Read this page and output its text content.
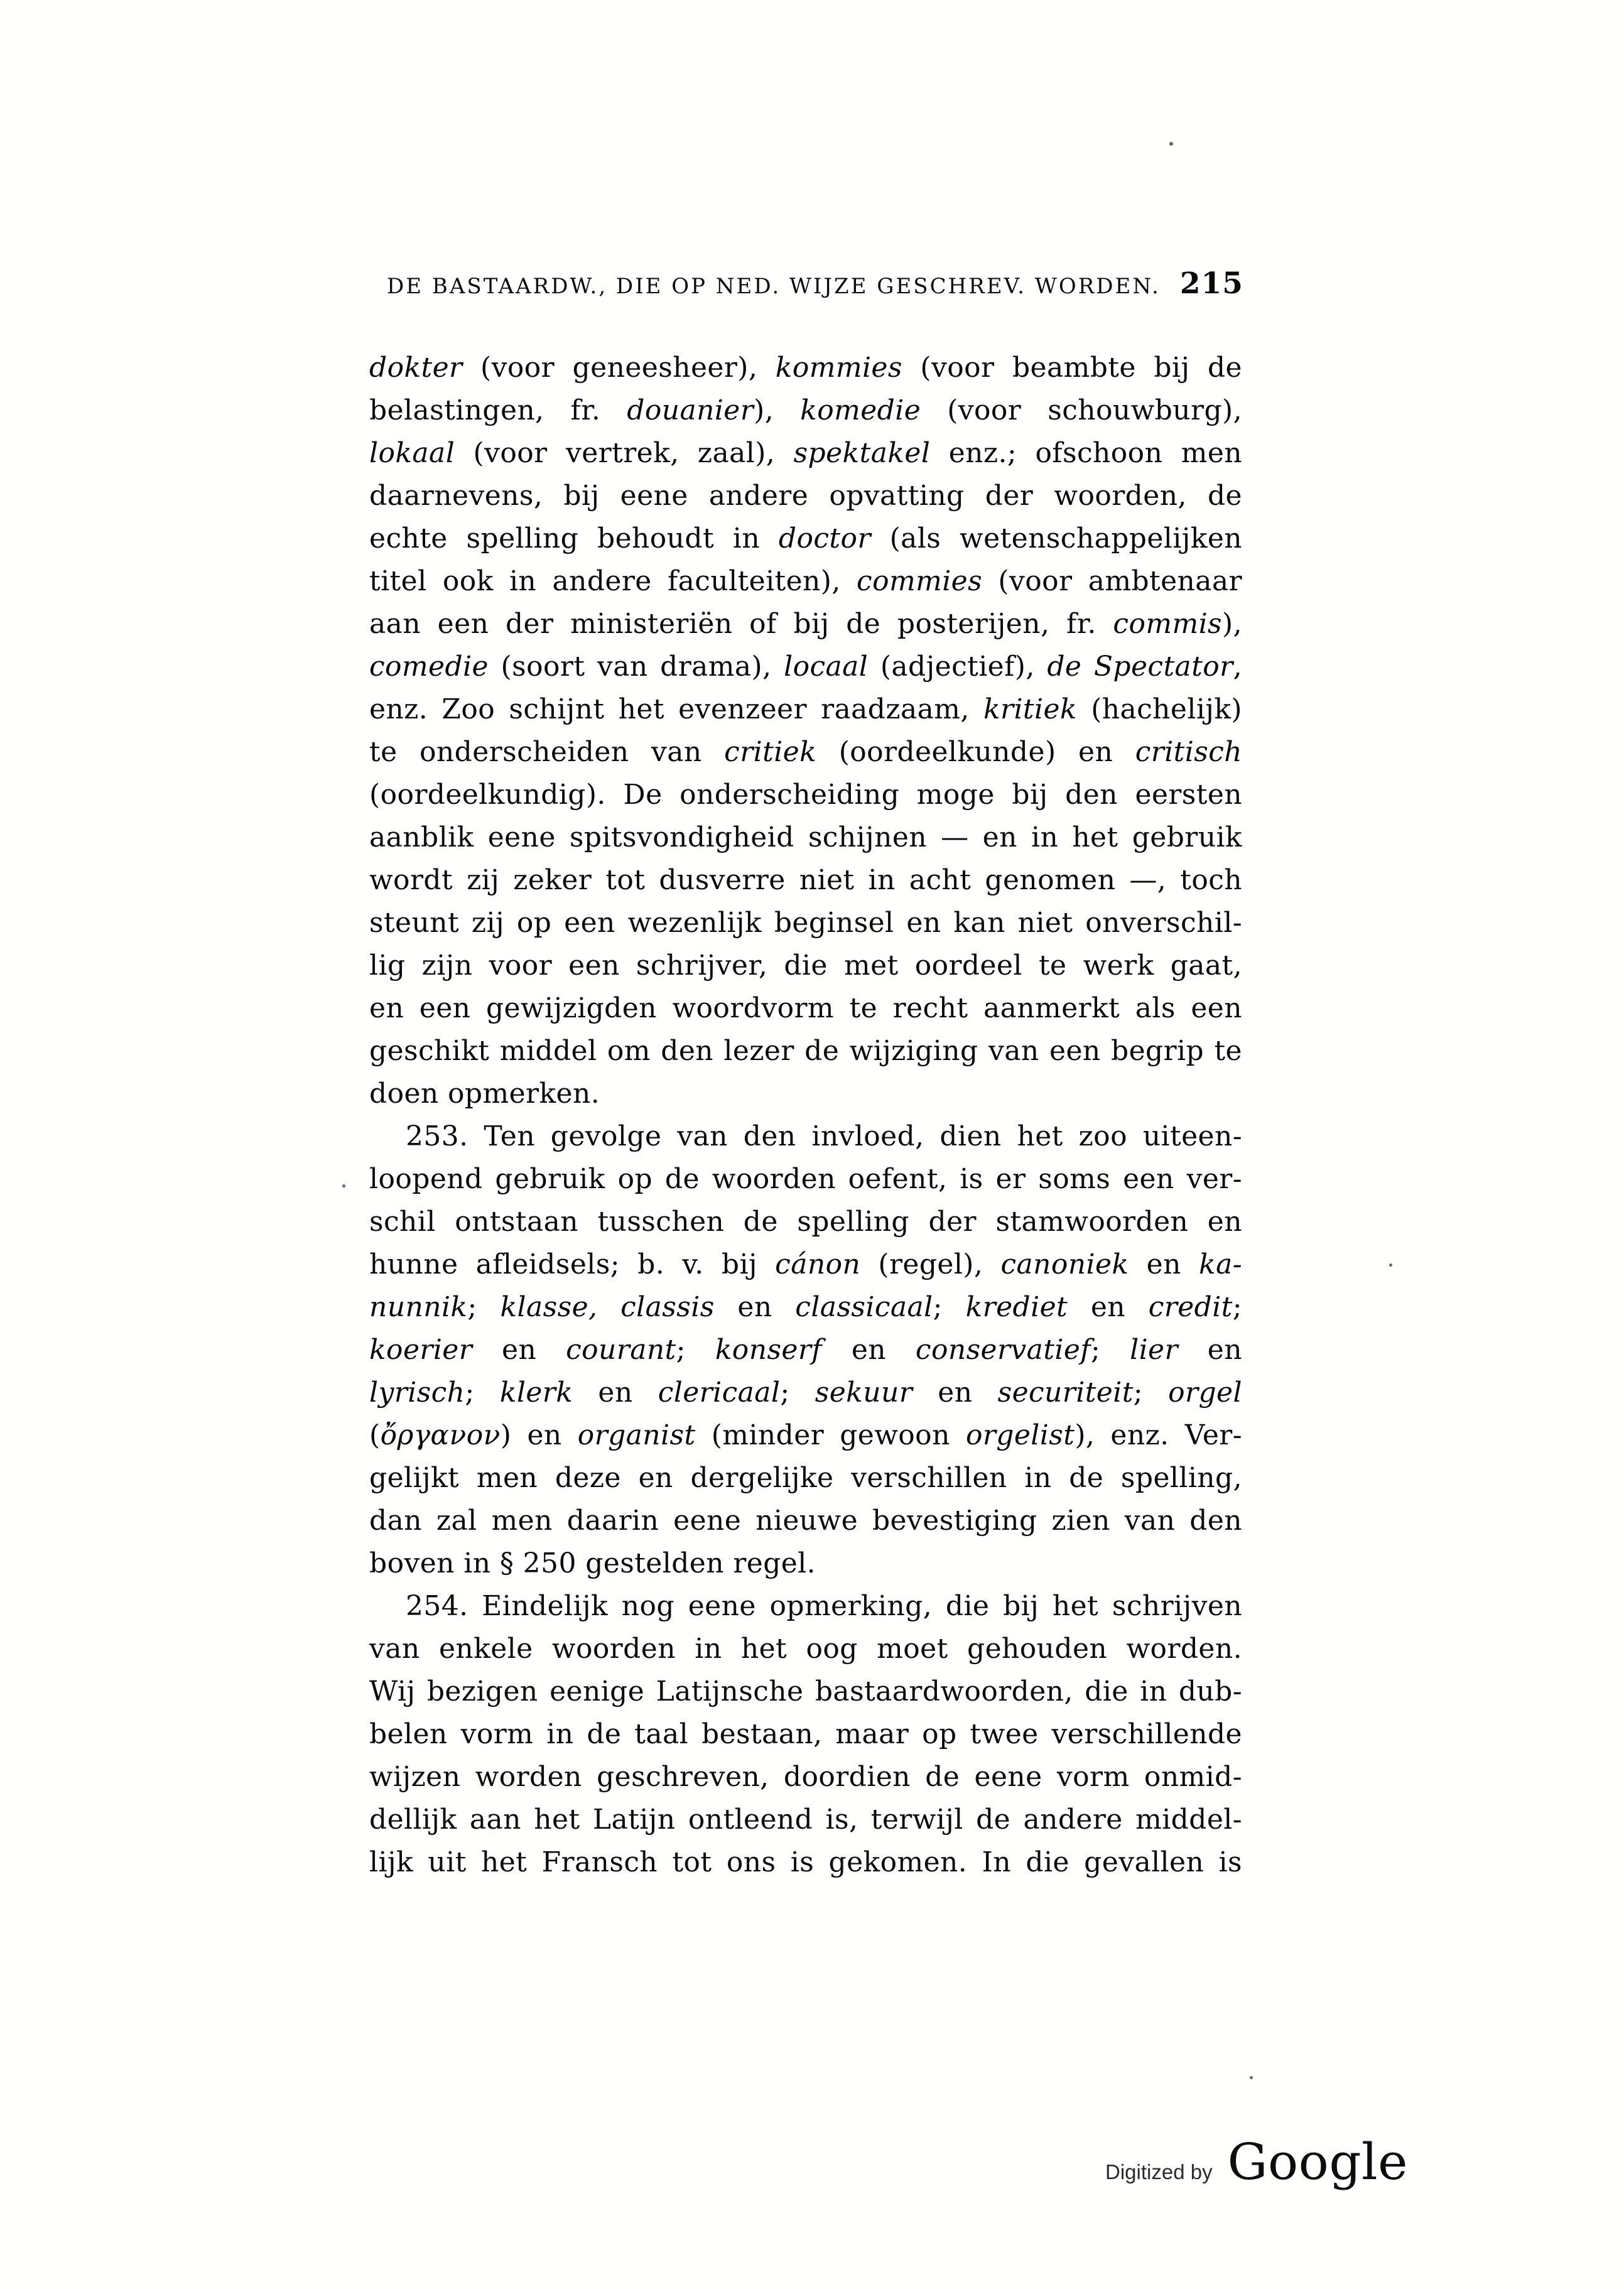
DE BASTAARDW., DIE OP NED. WIJZE GESCHREV. WORDEN. 215
dokter (voor geneesheer), kommies (voor beambte bij de
belastingen, fr. douanier), komedie (voor schouwburg),
lokaal (voor vertrek, zaal), spektakel enz.; ofschoon men
daarnevens, bij eene andere opvatting der woorden, de
echte spelling behoudt in doctor (als wetenschappelijken
titel ook in andere faculteiten), commies (voor ambtenaar
aan een der ministeriën of bij de posterijen, fr. commis),
comedie (soort van drama), locaal (adjectief), de Spectator,
enz. Zoo schijnt het evenzeer raadzaam, kritiek (hachelijk)
te onderscheiden van critiek (oordeelkunde) en critisch
(oordeelkundig). De onderscheiding moge bij den eersten
aanblik eene spitsvondigheid schijnen — en in het gebruik
wordt zij zeker tot dusverre niet in acht genomen —, toch
steunt zij op een wezenlijk beginsel en kan niet onverschil-
lig zijn voor een schrijver, die met oordeel te werk gaat,
en een gewijzigden woordvorm te recht aanmerkt als een
geschikt middel om den lezer de wijziging van een begrip te
doen opmerken.
253. Ten gevolge van den invloed, dien het zoo uiteen-
loopend gebruik op de woorden oefent, is er soms een ver-
schil ontstaan tusschen de spelling der stamwoorden en
hunne afleidsels; b. v. bij cánon (regel), canoniek en ka-
nunnik; klasse, classis en classicaal; krediet en credit;
koerier en courant; konserf en conservatief; lier en
lyrisch; klerk en clericaal; sekuur en securiteit; orgel
(ὄργανον) en organist (minder gewoon orgelist), enz. Ver-
gelijkt men deze en dergelijke verschillen in de spelling,
dan zal men daarin eene nieuwe bevestiging zien van den
boven in § 250 gestelden regel.
254. Eindelijk nog eene opmerking, die bij het schrijven
van enkele woorden in het oog moet gehouden worden.
Wij bezigen eenige Latijnsche bastaardwoorden, die in dub-
belen vorm in de taal bestaan, maar op twee verschillende
wijzen worden geschreven, doordien de eene vorm onmid-
dellijk aan het Latijn ontleend is, terwijl de andere middel-
lijk uit het Fransch tot ons is gekomen. In die gevallen is
Digitized by Google
